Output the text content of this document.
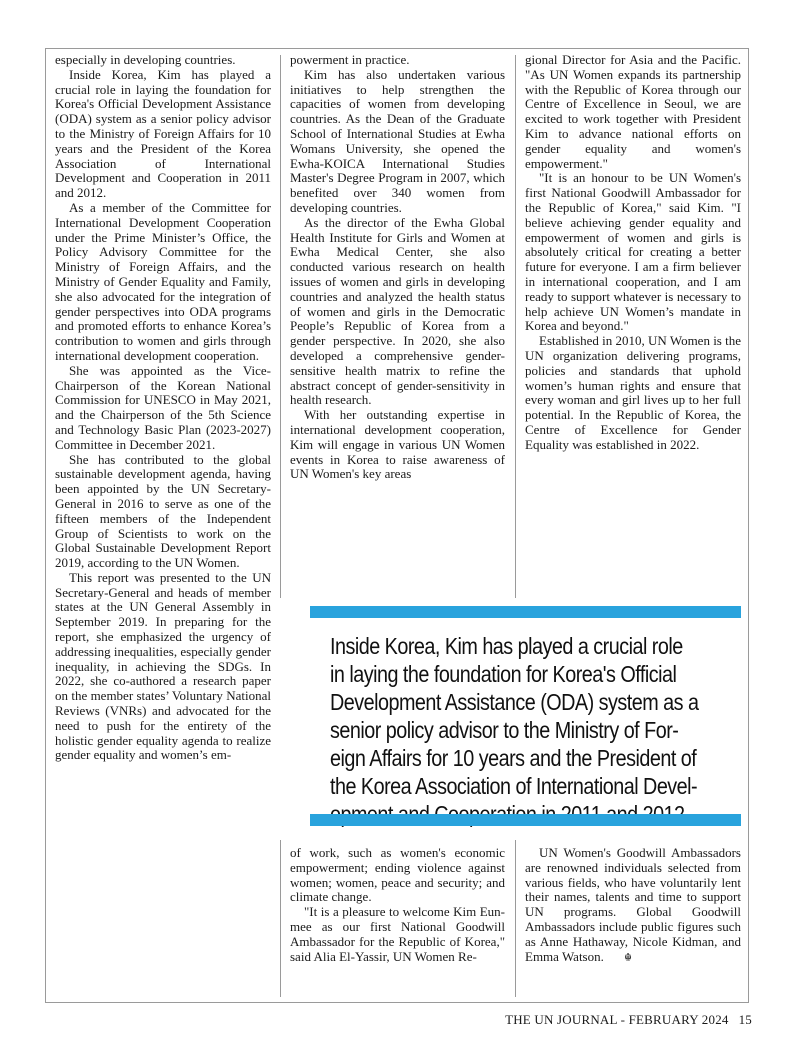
especially in developing countries.

Inside Korea, Kim has played a crucial role in laying the foundation for Korea's Official Development Assistance (ODA) system as a senior policy advisor to the Ministry of Foreign Affairs for 10 years and the President of the Korea Association of International Development and Cooperation in 2011 and 2012.

As a member of the Committee for International Development Cooperation under the Prime Minister’s Office, the Policy Advisory Committee for the Ministry of Foreign Affairs, and the Ministry of Gender Equality and Family, she also advocated for the integration of gender perspectives into ODA programs and promoted efforts to enhance Korea’s contribution to women and girls through international development cooperation.

She was appointed as the Vice-Chairperson of the Korean National Commission for UNESCO in May 2021, and the Chairperson of the 5th Science and Technology Basic Plan (2023-2027) Committee in December 2021.

She has contributed to the global sustainable development agenda, having been appointed by the UN Secretary-General in 2016 to serve as one of the fifteen members of the Independent Group of Scientists to work on the Global Sustainable Development Report 2019, according to the UN Women.

This report was presented to the UN Secretary-General and heads of member states at the UN General Assembly in September 2019. In preparing for the report, she emphasized the urgency of addressing inequalities, especially gender inequality, in achieving the SDGs. In 2022, she co-authored a research paper on the member states’ Voluntary National Reviews (VNRs) and advocated for the need to push for the entirety of the holistic gender equality agenda to realize gender equality and women’s em-

powerment in practice.

Kim has also undertaken various initiatives to help strengthen the capacities of women from developing countries. As the Dean of the Graduate School of International Studies at Ewha Womans University, she opened the Ewha-KOICA International Studies Master's Degree Program in 2007, which benefited over 340 women from developing countries.

As the director of the Ewha Global Health Institute for Girls and Women at Ewha Medical Center, she also conducted various research on health issues of women and girls in developing countries and analyzed the health status of women and girls in the Democratic People’s Republic of Korea from a gender perspective. In 2020, she also developed a comprehensive gender-sensitive health matrix to refine the abstract concept of gender-sensitivity in health research.

With her outstanding expertise in international development cooperation, Kim will engage in various UN Women events in Korea to raise awareness of UN Women's key areas

gional Director for Asia and the Pacific. "As UN Women expands its partnership with the Republic of Korea through our Centre of Excellence in Seoul, we are excited to work together with President Kim to advance national efforts on gender equality and women's empowerment."

"It is an honour to be UN Women's first National Goodwill Ambassador for the Republic of Korea," said Kim. "I believe achieving gender equality and empowerment of women and girls is absolutely critical for creating a better future for everyone. I am a firm believer in international cooperation, and I am ready to support whatever is necessary to help achieve UN Women’s mandate in Korea and beyond."

Established in 2010, UN Women is the UN organization delivering programs, policies and standards that uphold women’s human rights and ensure that every woman and girl lives up to her full potential. In the Republic of Korea, the Centre of Excellence for Gender Equality was established in 2022.

of work, such as women's economic empowerment; ending violence against women; women, peace and security; and climate change.

"It is a pleasure to welcome Kim Eun-mee as our first National Goodwill Ambassador for the Republic of Korea," said Alia El-Yassir, UN Women Re-

UN Women's Goodwill Ambassadors are renowned individuals selected from various fields, who have voluntarily lent their names, talents and time to support UN programs. Global Goodwill Ambassadors include public figures such as Anne Hathaway, Nicole Kidman, and Emma Watson. ☬

Inside Korea, Kim has played a crucial role
in laying the foundation for Korea's Official
Development Assistance (ODA) system as a
senior policy advisor to the Ministry of For-
eign Affairs for 10 years and the President of
the Korea Association of International Devel-
THE UN JOURNAL - FEBRUARY 2024 15
